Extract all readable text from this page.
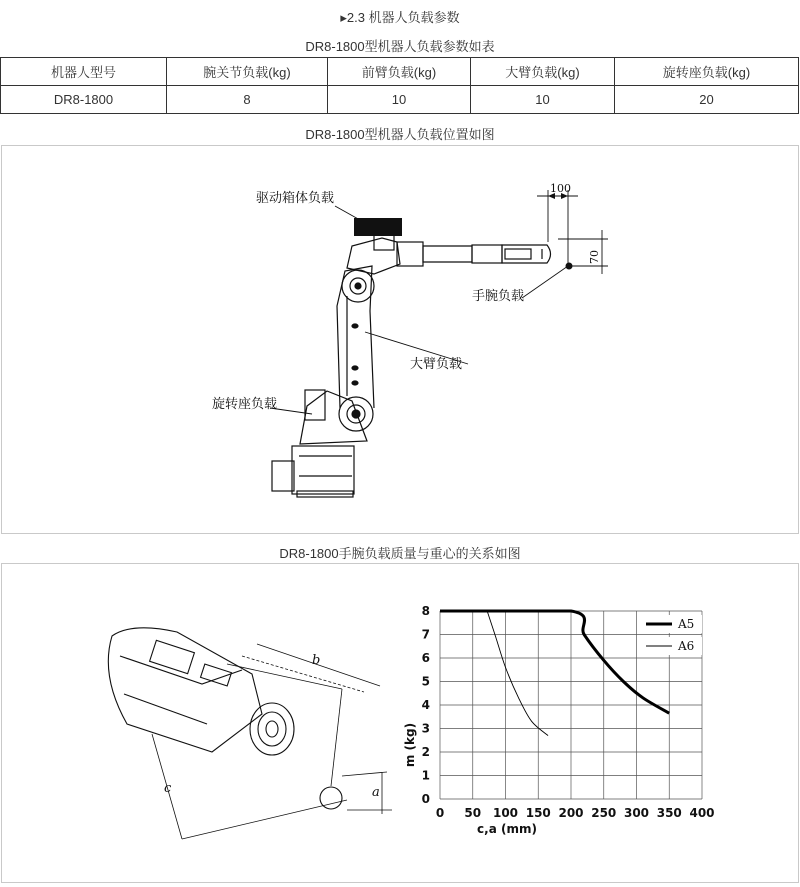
▸2.3 机器人负载参数
DR8-1800型机器人负载参数如表
机器人型号	腕关节负载(kg)	前臂负载(kg)	大臂负载(kg)	旋转座负载(kg)
DR8-1800	8	10	10	20
DR8-1800型机器人负载位置如图
驱动箱体负载
手腕负载
大臂负载
旋转座负载
100
70
DR8-1800手腕负载质量与重心的关系如图
b
c	a
0 50 100 150 200 250 300 350 400
0
1
2
3
4
5
6
7
8
c,a (mm)
m (kg)
A5
A6
